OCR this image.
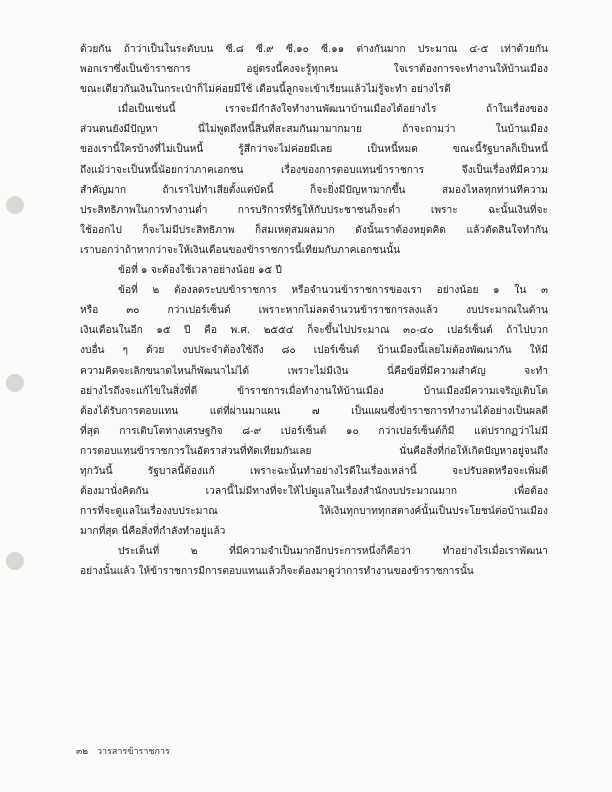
ด้วยกัน ถ้าว่าเป็นในระดับบน ซี.๘ ซี.๙ ซี.๑๐ ซี.๑๑ ต่างกันมาก ประมาณ ๔-๕ เท่าด้วยกัน
พอกเราซึ่งเป็นข้าราชการ อยู่ตรงนี้คงจะรู้ทุกคน ใจเราต้องการจะทำงานให้บ้านเมือง
ขณะเดียวกันเงินในกระเป๋าก็ไม่ค่อยมีใช้ เดือนนี้ลูกจะเข้าเรียนแล้วไม่รู้จะทำ อย่างไรดี
เมื่อเป็นเช่นนี้ เราจะมีกำลังใจทำงานพัฒนาบ้านเมืองได้อย่างไร ถ้าในเรื่องของ
ส่วนตนยังมีปัญหา นี่ไม่พูดถึงหนี้สินที่สะสมกันมามากมาย ถ้าจะถามว่า ในบ้านเมือง
ของเรานี้ใครบ้างที่ไม่เป็นหนี้ รู้สึกว่าจะไม่ค่อยมีเลย เป็นหนี้หมด ขณะนี้รัฐบาลก็เป็นหนี้
ถึงแม้ว่าจะเป็นหนี้น้อยกว่าภาคเอกชน เรื่องของการตอบแทนข้าราชการ จึงเป็นเรื่องที่มีความ
สำคัญมาก ถ้าเราไปทำเสียตั้งแต่บัดนี้ ก็จะยิ่งมีปัญหามากขึ้น สมองไหลทุกท่านทีความ
ประสิทธิภาพในการทำงานต่ำ การบริการที่รัฐให้กับประชาชนก็จะต่ำ เพราะ ฉะนั้นเงินที่จะ
ใช้ออกไป ก็จะไม่มีประสิทธิภาพ ก็สมเหตุสมผลมาก ดังนั้นเราต้องหยุดคิด แล้วตัดสินใจทำกัน
เราบอกว่าถ้าหากว่าจะให้เงินเดือนของข้าราชการนี้เทียมกับภาคเอกชนนั้น
ข้อที่ ๑ จะต้องใช้เวลาอย่างน้อย ๑๕ ปี
ข้อที่ ๒ ต้องลดระบบข้าราชการ หรือจำนวนข้าราชการของเรา อย่างน้อย ๑ ใน ๓
หรือ ๓๐ กว่าเปอร์เซ็นต์ เพราะหากไม่ลดจำนวนข้าราชการลงแล้ว งบประมาณในด้าน
เงินเดือนในอีก ๑๕ ปี คือ พ.ศ. ๒๕๕๔ ก็จะขึ้นไปประมาณ ๓๐-๔๐ เปอร์เซ็นต์ ถ้าไปบวก
งบอื่น ๆ ด้วย งบประจำต้องใช้ถึง ๘๐ เปอร์เซ็นต์ บ้านเมืองนี้เลยไม่ต้องพัฒนากัน ให้มี
ความคิดจะเลิกขนาดไหนก็พัฒนาไม่ได้ เพราะไม่มีเงิน นี่คือข้อที่มีความสำคัญ จะทำ
อย่างไรถึงจะแก้ไขในสิ่งที่ดี ข้าราชการเมื่อทำงานให้บ้านเมือง บ้านเมืองมีความเจริญเติบโต
ต้องได้รับการตอบแทน แต่ที่ผ่านมาแผน ๗ เป็นแผนซึ่งข้าราชการทำงานได้อย่างเป็นผลดี
ที่สุด การเติบโตทางเศรษฐกิจ ๘-๙ เปอร์เซ็นต์ ๑๐ กว่าเปอร์เซ็นต์ก็มี แต่ปรากฏว่าไม่มี
การตอบแทนข้าราชการในอัตราส่วนที่ทัดเทียมกันเลย นั่นคือสิ่งที่ก่อให้เกิดปัญหาอยู่จนถึง
ทุกวันนี้ รัฐบาลนี้ต้องแก้ เพราะฉะนั้นทำอย่างไรดีในเรื่องเหล่านี้ จะปรับลดหรือจะเพิ่มดี
ต้องมานั่งคิดกัน เวลานี้ไม่มีทางที่จะให้ไปดูแลในเรื่องสำนักงบประมาณมาก เพื่อต้อง
การที่จะดูแลในเรื่องงบประมาณ ให้เงินทุกบาททุกสตางค์นั้นเป็นประโยชน์ต่อบ้านเมือง
มากที่สุด นี่คือสิ่งที่กำลังทำอยู่แล้ว
ประเด็นที่ ๒ ที่มีความจำเป็นมากอีกประการหนึ่งก็คือว่า ทำอย่างไรเมื่อเราพัฒนา
อย่างนั้นแล้ว ให้ข้าราชการมีการตอบแทนแล้วก็จะต้องมาดูว่าการทำงานของข้าราชการนั้น
๓๒ วารสารข้าราชการ
